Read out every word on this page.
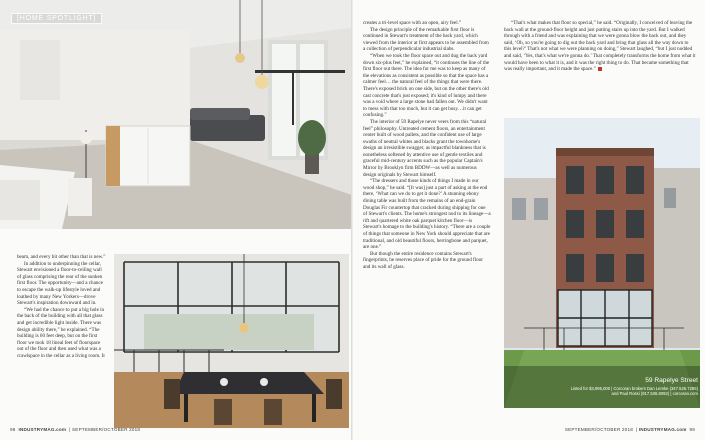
[HOME SPOTLIGHT]

beam, and every bit other than that is new.”

In addition to underpinning the cellar, Stewart envisioned a floor-to-ceiling wall of glass comprising the rear of the sunken first floor. The opportunity—and a chance to escape the walk-up lifestyle loved and loathed by many New Yorkers—drove Stewart's inspiration downward and in.

“We had the chance to put a big hole in the back of the building with all that glass and get incredible light inside. There was design ability there,” he explained. “The building is 60 feet deep, but on the first floor we took 18 lineal feet of floorspace out of the floor and then used what was a crawlspace in the cellar as a living room. It

98 INDUSTRYMAG.com  | SEPTEMBER/OCTOBER 2018

creates a tri-level space with an open, airy feel.”

The design principle of the remarkable first floor is continued in Stewart's treatment of the back yard, which viewed from the interior at first appears to be assembled from a collection of perpendicular industrial slabs.

“When we took the floor space out and dug the back yard down six-plus feet,” he explained, “it continues the line of the first floor out there. The idea for me was to keep as many of the elevations as consistent as possible so that the space has a calmer feel… the natural feel of the things that were there. There's exposed brick on one side, but on the other there's old cast concrete that's just exposed; it's kind of lumpy and there was a void where a large stone had fallen out. We didn't want to mess with that too much, but it can get busy…it can get confusing.”

The interior of 59 Rapelye never veers from this “natural feel” philosophy. Untreated cement floors, an entertainment center built of wood pallets, and the confident use of large swaths of neutral whites and blacks grant the townhome's design an irresistible swagger, as impactful blankness that is nonetheless softened by attentive use of gentle textiles and graceful mid-century accents such as the popular Captain's Mirror by Brooklyn firm BDDW—as well as numerous design originals by Stewart himself.

“The dressers and those kinds of things I made in our wood shop,” he said. “[It was] just a part of asking at the end there, ‘What can we do to get it done?’ A stunning ebony dining table was built from the remains of an end-grain Douglas Fir countertop that cracked during shipping for one of Stewart's clients. The home's strongest nod to its lineage—a rift and quartered white oak parquet kitchen floor—is Stewart's homage to the building's history. “There are a couple of things that someone in New York should appreciate that are traditional, and old beautiful floors, herringbone and parquet, are one.”

But though the entire residence contains Stewart's fingerprints, he reserves place of pride for the ground floor and its wall of glass.

“That's what makes that floor so special,” he said. “Originally, I conceived of leaving the back wall at the ground-floor height and just putting stairs up into the yard. But I walked through with a friend and was explaining that we were gonna blow the back out, and they said, ‘Oh, so you're going to dig out the back yard and bring that glass all the way down to this level?’ That's not what we were planning on doing,” Stewart laughed, “but I just nodded and said, ‘Yes, that's what we're gonna do.’ That completely transforms the home from what it would have been to what it is, and it was the right thing to do. That became something that was really important, and it made the space.”

59 Rapelye Street
Listed for $3,995,000 | Corcoran brokers Dan Lemke (347.526.7285)
and Paul Rossi (917.536.8092) | corcoran.com
SEPTEMBER/OCTOBER 2018  | INDUSTRYMAG.com 99
